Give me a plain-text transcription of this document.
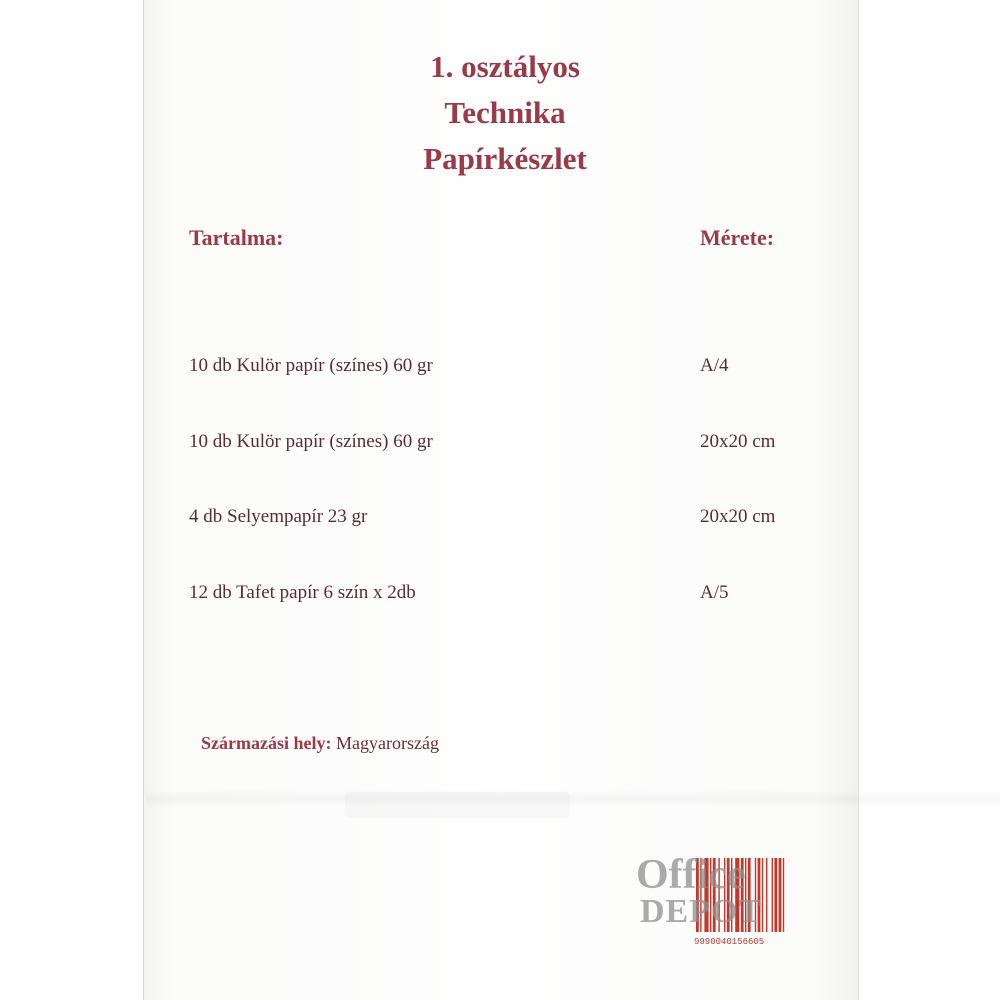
1. osztályos
Technika
Papírkészlet
Tartalma:	Mérete:
10 db Kulör papír (színes) 60 gr	A/4
10 db Kulör papír (színes) 60 gr	20x20 cm
4 db Selyempapír 23 gr	20x20 cm
12 db Tafet papír 6 szín x 2db	A/5
Származási hely: Magyarország
9990040156605
Office
DEPOT
